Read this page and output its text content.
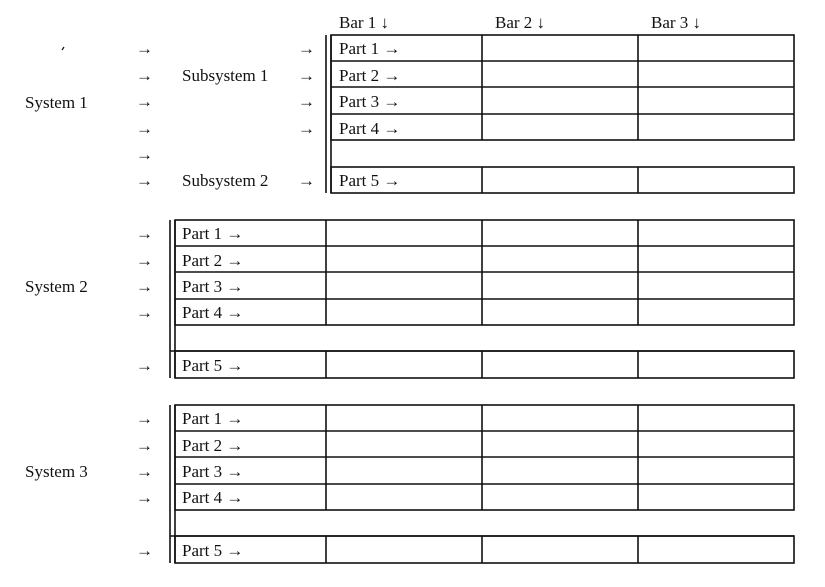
Bar 1 ↓	Bar 2 ↓	Bar 3 ↓
System 1
→
→
→
→
→
→
Subsystem 1
Subsystem 2
→
→
→
→
→
Part 1 →
Part 2 →
Part 3 →
Part 4 →
Part 5 →
System 2
→
→
→
→
→
Part 1 →
Part 2 →
Part 3 →
Part 4 →
Part 5 →
System 3
→
→
→
→
→
Part 1 →
Part 2 →
Part 3 →
Part 4 →
Part 5 →
